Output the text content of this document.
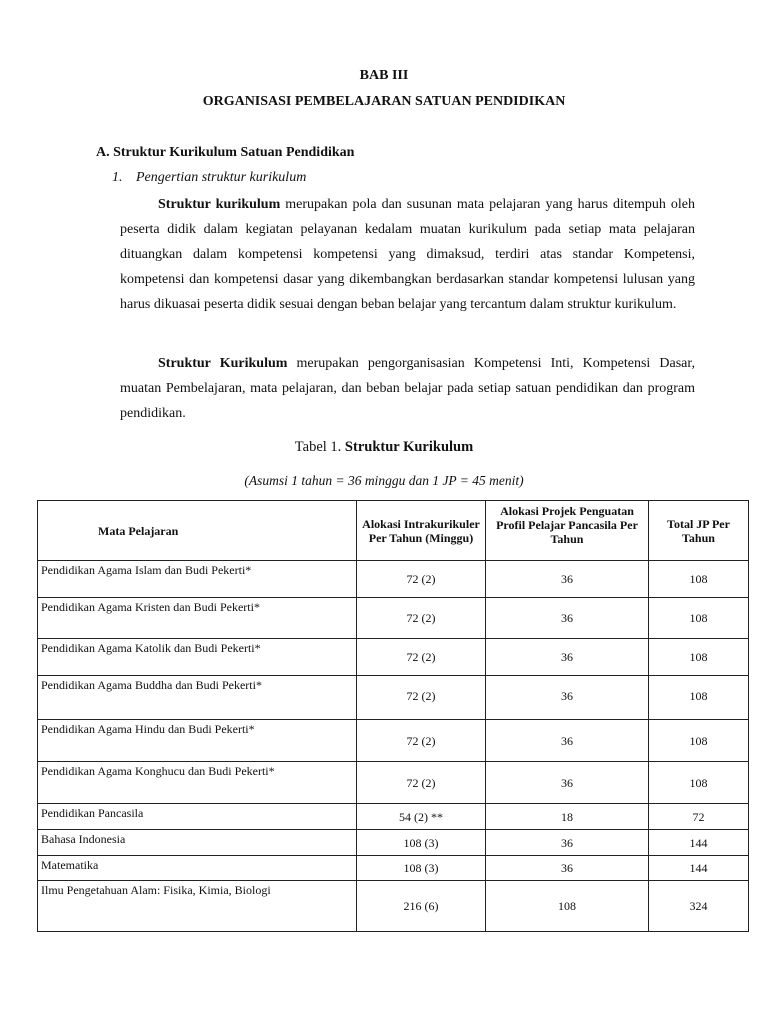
BAB III
ORGANISASI PEMBELAJARAN SATUAN PENDIDIKAN
A. Struktur Kurikulum Satuan Pendidikan
1. Pengertian struktur kurikulum

Struktur kurikulum merupakan pola dan susunan mata pelajaran yang harus ditempuh oleh peserta didik dalam kegiatan pelayanan kedalam muatan kurikulum pada setiap mata pelajaran dituangkan dalam kompetensi kompetensi yang dimaksud, terdiri atas standar Kompetensi, kompetensi dan kompetensi dasar yang dikembangkan berdasarkan standar kompetensi lulusan yang harus dikuasai peserta didik sesuai dengan beban belajar yang tercantum dalam struktur kurikulum.

Struktur Kurikulum merupakan pengorganisasian Kompetensi Inti, Kompetensi Dasar, muatan Pembelajaran, mata pelajaran, dan beban belajar pada setiap satuan pendidikan dan program pendidikan.

Tabel 1. Struktur Kurikulum
(Asumsi 1 tahun = 36 minggu dan 1 JP = 45 menit)
Mata Pelajaran	Alokasi Intrakurikuler Per Tahun (Minggu)	Alokasi Projek Penguatan Profil Pelajar Pancasila Per Tahun	Total JP Per Tahun
Pendidikan Agama Islam dan Budi Pekerti*	72 (2)	36	108
Pendidikan Agama Kristen dan Budi Pekerti*	72 (2)	36	108
Pendidikan Agama Katolik dan Budi Pekerti*	72 (2)	36	108
Pendidikan Agama Buddha dan Budi Pekerti*	72 (2)	36	108
Pendidikan Agama Hindu dan Budi Pekerti*	72 (2)	36	108
Pendidikan Agama Konghucu dan Budi Pekerti*	72 (2)	36	108
Pendidikan Pancasila	54 (2) **	18	72
Bahasa Indonesia	108 (3)	36	144
Matematika	108 (3)	36	144
Ilmu Pengetahuan Alam: Fisika, Kimia, Biologi	216 (6)	108	324
